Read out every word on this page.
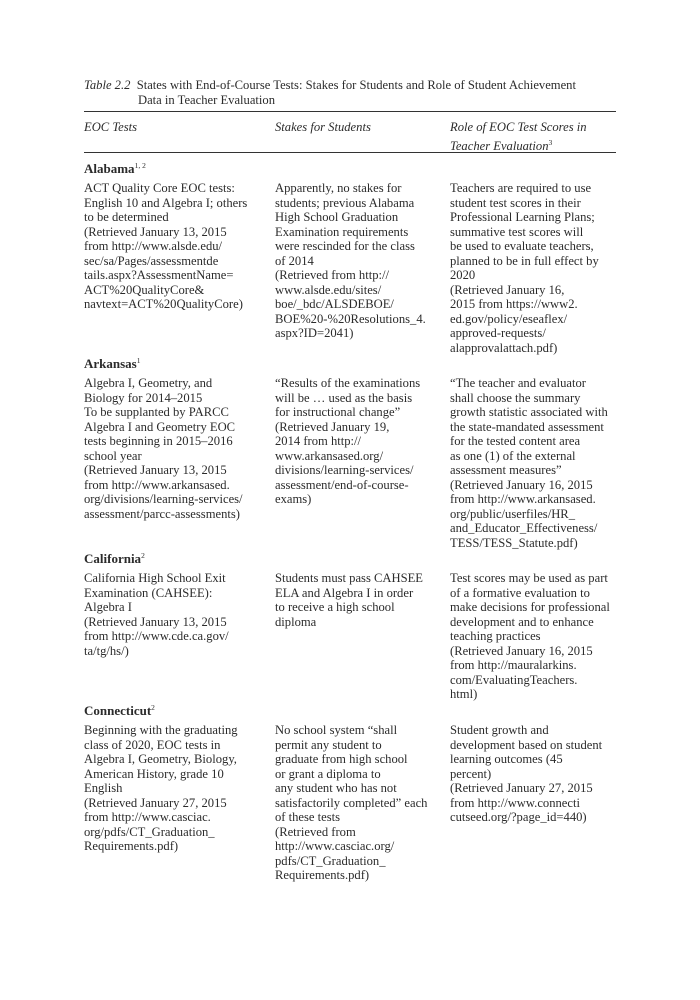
Table 2.2 States with End-of-Course Tests: Stakes for Students and Role of Student Achievement
Data in Teacher Evaluation
EOC Tests	Stakes for Students	Role of EOC Test Scores in
Teacher Evaluation$^3$
Alabama$^{1, 2}$
ACT Quality Core EOC tests:
English 10 and Algebra I; others
to be determined
(Retrieved January 13, 2015
from http://www.alsde.edu/
sec/sa/Pages/assessmentde
tails.aspx?AssessmentName=
ACT%20QualityCore&
navtext=ACT%20QualityCore)
Apparently, no stakes for
students; previous Alabama
High School Graduation
Examination requirements
were rescinded for the class
of 2014
(Retrieved from http://
www.alsde.edu/sites/
boe/_bdc/ALSDEBOE/
BOE%20-%20Resolutions_4.
aspx?ID=2041)
Teachers are required to use
student test scores in their
Professional Learning Plans;
summative test scores will
be used to evaluate teachers,
planned to be in full effect by
2020
(Retrieved January 16,
2015 from https://www2.
ed.gov/policy/eseaflex/
approved-requests/
alapprovalattach.pdf)
Arkansas$^1$
Algebra I, Geometry, and
Biology for 2014–2015
To be supplanted by PARCC
Algebra I and Geometry EOC
tests beginning in 2015–2016
school year
(Retrieved January 13, 2015
from http://www.arkansased.
org/divisions/learning-services/
assessment/parcc-assessments)
“Results of the examinations
will be … used as the basis
for instructional change”
(Retrieved January 19,
2014 from http://
www.arkansased.org/
divisions/learning-services/
assessment/end-of-course-
exams)
“The teacher and evaluator
shall choose the summary
growth statistic associated with
the state-mandated assessment
for the tested content area
as one (1) of the external
assessment measures”
(Retrieved January 16, 2015
from http://www.arkansased.
org/public/userfiles/HR_
and_Educator_Effectiveness/
TESS/TESS_Statute.pdf)
California$^2$
California High School Exit
Examination (CAHSEE):
Algebra I
(Retrieved January 13, 2015
from http://www.cde.ca.gov/
ta/tg/hs/)
Students must pass CAHSEE
ELA and Algebra I in order
to receive a high school
diploma
Test scores may be used as part
of a formative evaluation to
make decisions for professional
development and to enhance
teaching practices
(Retrieved January 16, 2015
from http://mauralarkins.
com/EvaluatingTeachers.
html)
Connecticut$^2$
Beginning with the graduating
class of 2020, EOC tests in
Algebra I, Geometry, Biology,
American History, grade 10
English
(Retrieved January 27, 2015
from http://www.casciac.
org/pdfs/CT_Graduation_
Requirements.pdf)
No school system “shall
permit any student to
graduate from high school
or grant a diploma to
any student who has not
satisfactorily completed” each
of these tests
(Retrieved from
http://www.casciac.org/
pdfs/CT_Graduation_
Requirements.pdf)
Student growth and
development based on student
learning outcomes (45
percent)
(Retrieved January 27, 2015
from http://www.connecti
cutseed.org/?page_id=440)
